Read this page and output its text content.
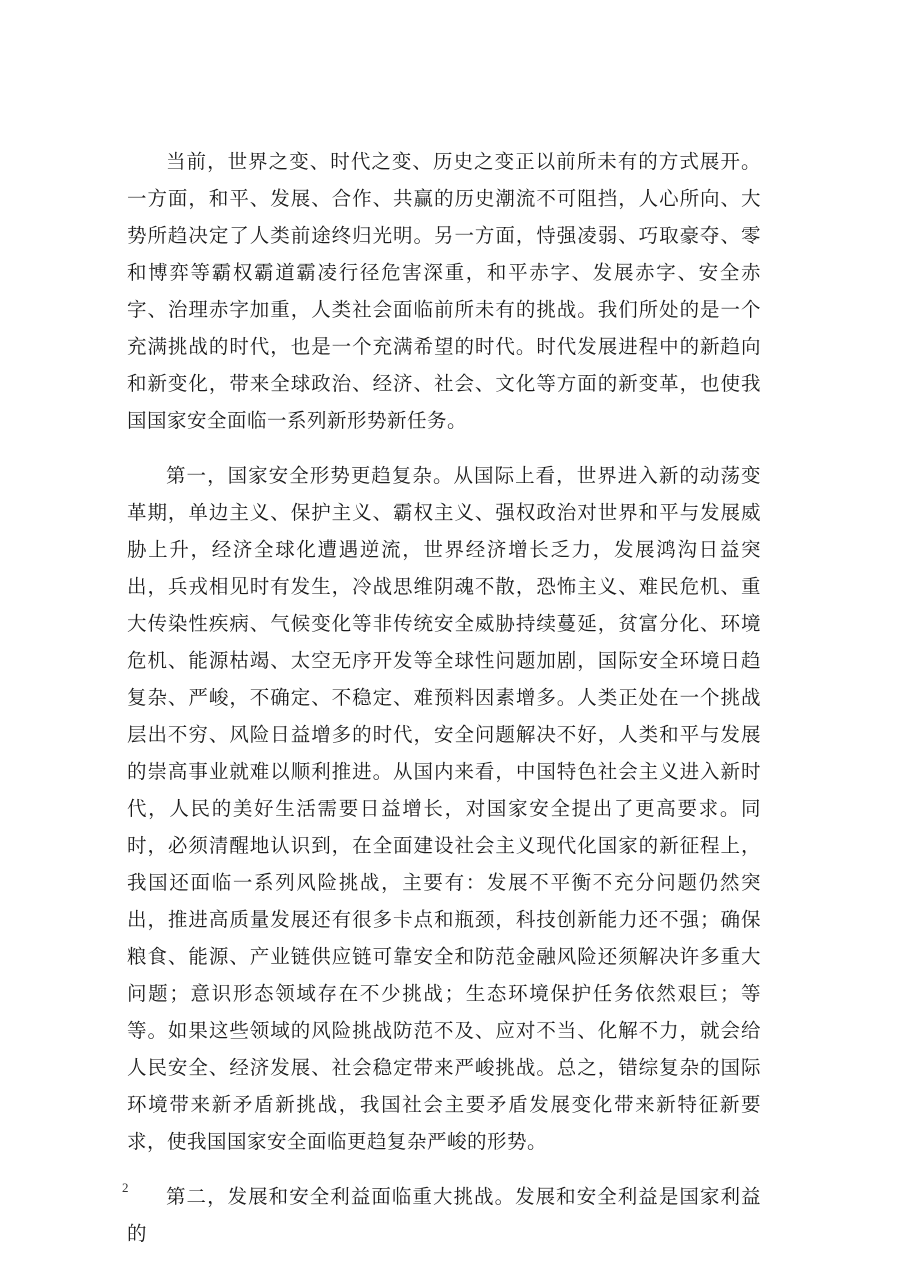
当前，世界之变、时代之变、历史之变正以前所未有的方式展开。一方面，和平、发展、合作、共赢的历史潮流不可阻挡，人心所向、大势所趋决定了人类前途终归光明。另一方面，恃强凌弱、巧取豪夺、零和博弈等霸权霸道霸凌行径危害深重，和平赤字、发展赤字、安全赤字、治理赤字加重，人类社会面临前所未有的挑战。我们所处的是一个充满挑战的时代，也是一个充满希望的时代。时代发展进程中的新趋向和新变化，带来全球政治、经济、社会、文化等方面的新变革，也使我国国家安全面临一系列新形势新任务。

第一，国家安全形势更趋复杂。从国际上看，世界进入新的动荡变革期，单边主义、保护主义、霸权主义、强权政治对世界和平与发展威胁上升，经济全球化遭遇逆流，世界经济增长乏力，发展鸿沟日益突出，兵戎相见时有发生，冷战思维阴魂不散，恐怖主义、难民危机、重大传染性疾病、气候变化等非传统安全威胁持续蔓延，贫富分化、环境危机、能源枯竭、太空无序开发等全球性问题加剧，国际安全环境日趋复杂、严峻，不确定、不稳定、难预料因素增多。人类正处在一个挑战层出不穷、风险日益增多的时代，安全问题解决不好，人类和平与发展的崇高事业就难以顺利推进。从国内来看，中国特色社会主义进入新时代，人民的美好生活需要日益增长，对国家安全提出了更高要求。同时，必须清醒地认识到，在全面建设社会主义现代化国家的新征程上，我国还面临一系列风险挑战，主要有：发展不平衡不充分问题仍然突出，推进高质量发展还有很多卡点和瓶颈，科技创新能力还不强；确保粮食、能源、产业链供应链可靠安全和防范金融风险还须解决许多重大问题；意识形态领域存在不少挑战；生态环境保护任务依然艰巨；等等。如果这些领域的风险挑战防范不及、应对不当、化解不力，就会给人民安全、经济发展、社会稳定带来严峻挑战。总之，错综复杂的国际环境带来新矛盾新挑战，我国社会主要矛盾发展变化带来新特征新要求，使我国国家安全面临更趋复杂严峻的形势。

第二，发展和安全利益面临重大挑战。发展和安全利益是国家利益的

2
